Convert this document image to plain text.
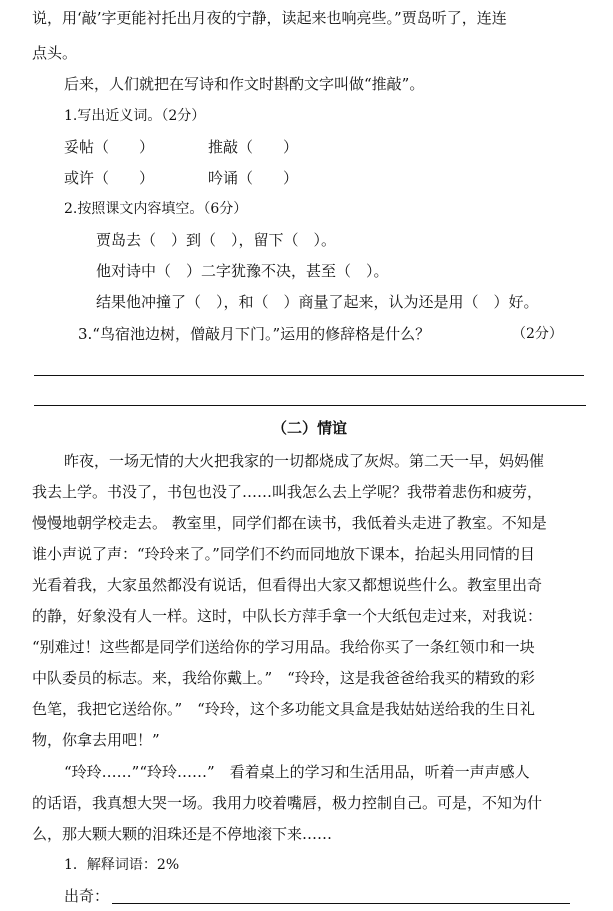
说，用‘敲’字更能衬托出月夜的宁静，读起来也响亮些。”贾岛听了，连连
点头。
后来，人们就把在写诗和作文时斟酌文字叫做“推敲”。
1.写出近义词。（2分）
妥帖（　　）	推敲（　　）
或许（　　）	吟诵（　　）
2.按照课文内容填空。（6分）
贾岛去（　）到（　），留下（　）。
他对诗中（　）二字犹豫不决，甚至（　）。
结果他冲撞了（　），和（　）商量了起来，认为还是用（　）好。
3.“鸟宿池边树，僧敲月下门。”运用的修辞格是什么？	（2分）
（二）情谊
昨夜，一场无情的大火把我家的一切都烧成了灰烬。第二天一早，妈妈催
我去上学。书没了，书包也没了……叫我怎么去上学呢？我带着悲伤和疲劳，
慢慢地朝学校走去。 教室里，同学们都在读书，我低着头走进了教室。不知是
谁小声说了声：“玲玲来了。”同学们不约而同地放下课本，抬起头用同情的目
光看着我，大家虽然都没有说话，但看得出大家又都想说些什么。教室里出奇
的静，好象没有人一样。这时，中队长方萍手拿一个大纸包走过来，对我说：
“别难过！这些都是同学们送给你的学习用品。我给你买了一条红领巾和一块
中队委员的标志。来，我给你戴上。”　“玲玲，这是我爸爸给我买的精致的彩
色笔，我把它送给你。”　“玲玲，这个多功能文具盒是我姑姑送给我的生日礼
物，你拿去用吧！”
“玲玲……”“玲玲……”　看着桌上的学习和生活用品，听着一声声感人
的话语，我真想大哭一场。我用力咬着嘴唇，极力控制自己。可是，不知为什
么，那大颗大颗的泪珠还是不停地滚下来……
1．解释词语：2%
出奇：
